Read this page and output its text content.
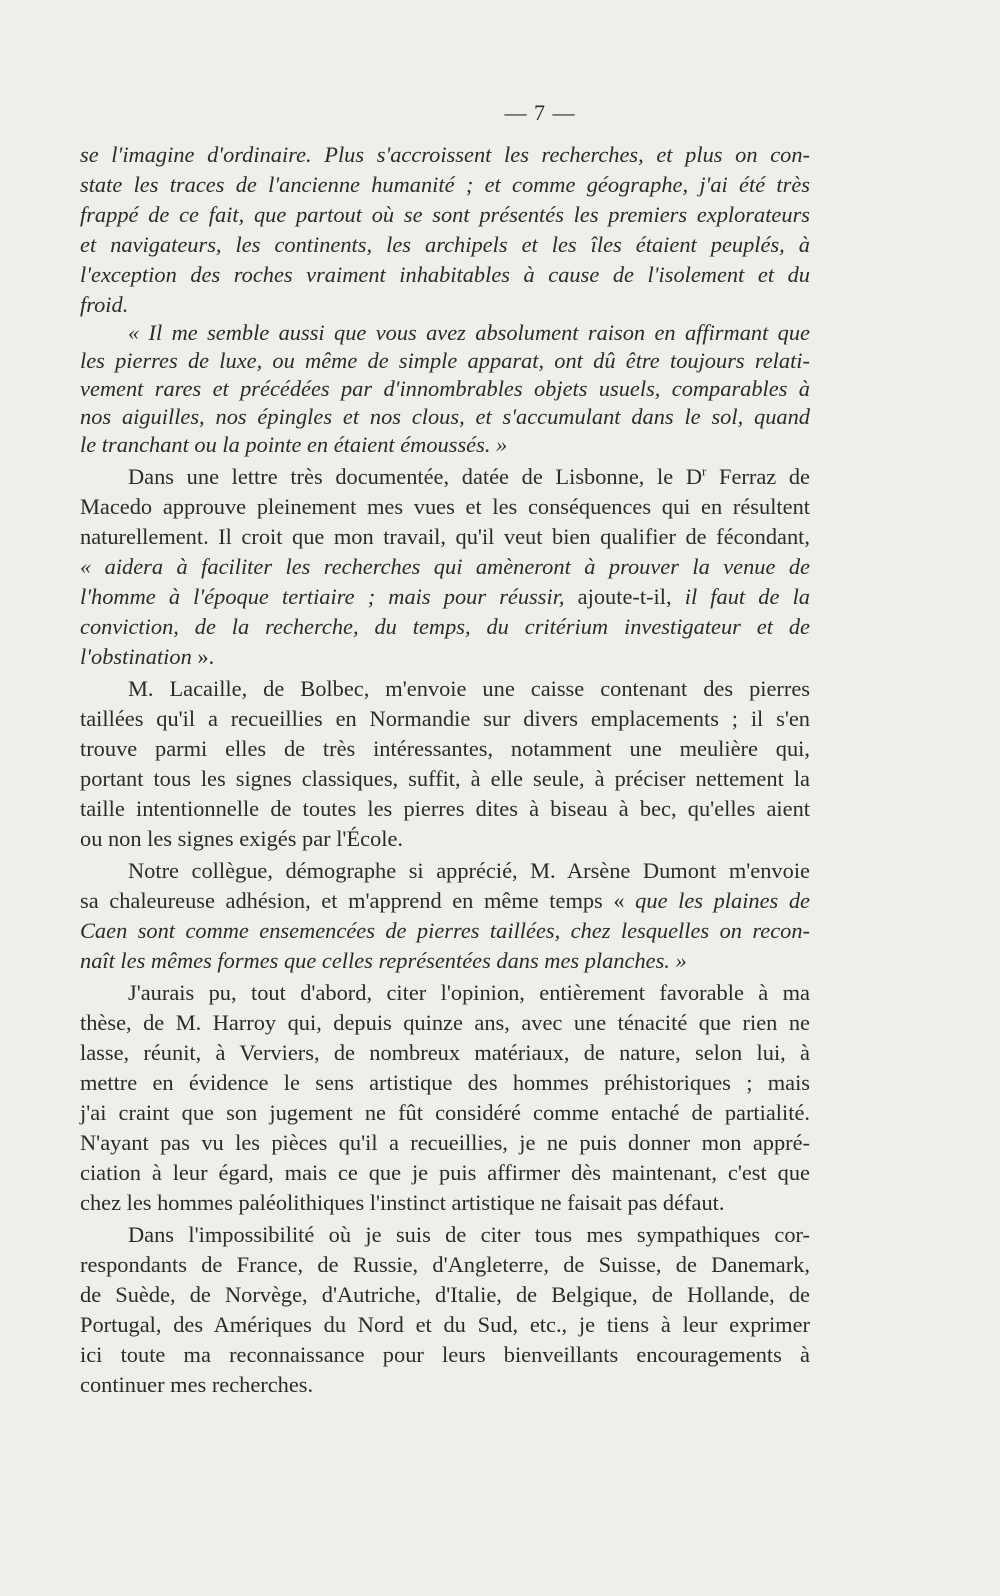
— 7 —
se l'imagine d'ordinaire. Plus s'accroissent les recherches, et plus on con-
state les traces de l'ancienne humanité ; et comme géographe, j'ai été très
frappé de ce fait, que partout où se sont présentés les premiers explorateurs
et navigateurs, les continents, les archipels et les îles étaient peuplés, à
l'exception des roches vraiment inhabitables à cause de l'isolement et du
froid.
« Il me semble aussi que vous avez absolument raison en affirmant que
les pierres de luxe, ou même de simple apparat, ont dû être toujours relati-
vement rares et précédées par d'innombrables objets usuels, comparables à
nos aiguilles, nos épingles et nos clous, et s'accumulant dans le sol, quand
le tranchant ou la pointe en étaient émoussés. »
Dans une lettre très documentée, datée de Lisbonne, le $D^r$ Ferraz de
Macedo approuve pleinement mes vues et les conséquences qui en résultent
naturellement. Il croit que mon travail, qu'il veut bien qualifier de fécondant,
« aidera à faciliter les recherches qui amèneront à prouver la venue de
l'homme à l'époque tertiaire ; mais pour réussir, ajoute-t-il, il faut de la
conviction, de la recherche, du temps, du critérium investigateur et de
l'obstination ».
M. Lacaille, de Bolbec, m'envoie une caisse contenant des pierres
taillées qu'il a recueillies en Normandie sur divers emplacements ; il s'en
trouve parmi elles de très intéressantes, notamment une meulière qui,
portant tous les signes classiques, suffit, à elle seule, à préciser nettement la
taille intentionnelle de toutes les pierres dites à biseau à bec, qu'elles aient
ou non les signes exigés par l'École.
Notre collègue, démographe si apprécié, M. Arsène Dumont m'envoie
sa chaleureuse adhésion, et m'apprend en même temps « que les plaines de
Caen sont comme ensemencées de pierres taillées, chez lesquelles on recon-
naît les mêmes formes que celles représentées dans mes planches. »
J'aurais pu, tout d'abord, citer l'opinion, entièrement favorable à ma
thèse, de M. Harroy qui, depuis quinze ans, avec une ténacité que rien ne
lasse, réunit, à Verviers, de nombreux matériaux, de nature, selon lui, à
mettre en évidence le sens artistique des hommes préhistoriques ; mais
j'ai craint que son jugement ne fût considéré comme entaché de partialité.
N'ayant pas vu les pièces qu'il a recueillies, je ne puis donner mon appré-
ciation à leur égard, mais ce que je puis affirmer dès maintenant, c'est que
chez les hommes paléolithiques l'instinct artistique ne faisait pas défaut.
Dans l'impossibilité où je suis de citer tous mes sympathiques cor-
respondants de France, de Russie, d'Angleterre, de Suisse, de Danemark,
de Suède, de Norvège, d'Autriche, d'Italie, de Belgique, de Hollande, de
Portugal, des Amériques du Nord et du Sud, etc., je tiens à leur exprimer
ici toute ma reconnaissance pour leurs bienveillants encouragements à
continuer mes recherches.
